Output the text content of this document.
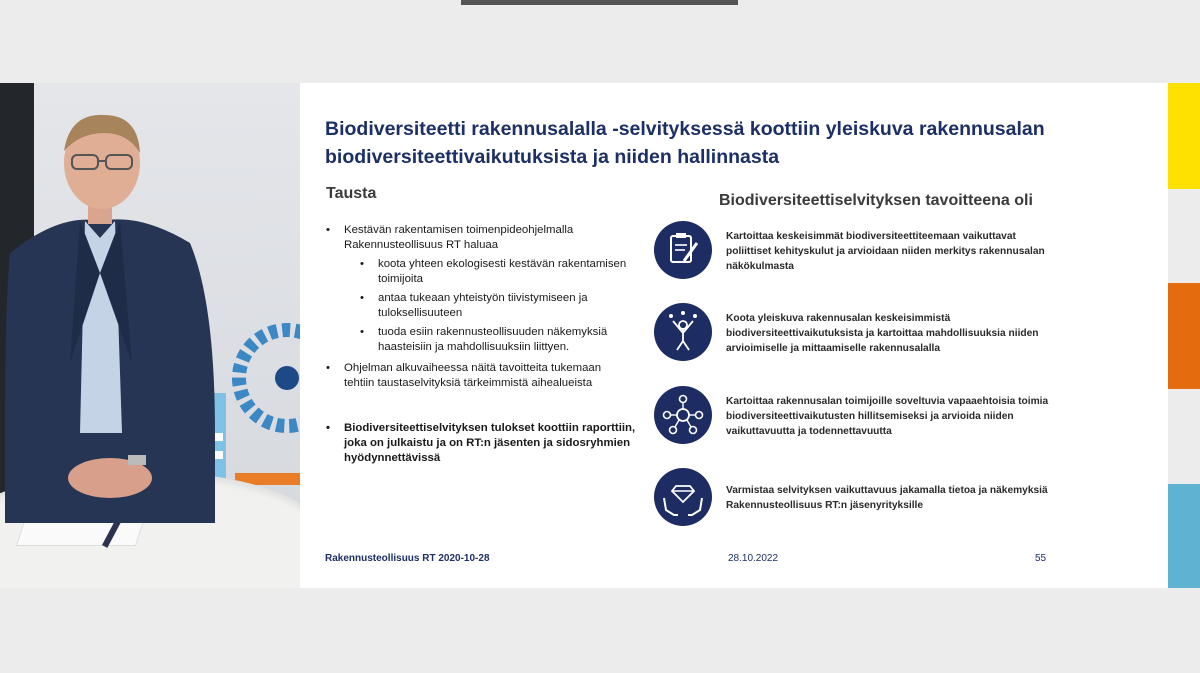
Biodiversiteetti rakennusalalla -selvityksessä koottiin yleiskuva rakennusalan
biodiversiteettivaikutuksista ja niiden hallinnasta
Tausta	Biodiversiteettiselvityksen tavoitteena oli
•	Kestävän rakentamisen toimenpideohjelmalla
Rakennusteollisuus RT haluaa
•	koota yhteen ekologisesti kestävän rakentamisen
toimijoita
•	antaa tukeaan yhteistyön tiivistymiseen ja
tuloksellisuuteen
•	tuoda esiin rakennusteollisuuden näkemyksiä
haasteisiin ja mahdollisuuksiin liittyen.
•	Ohjelman alkuvaiheessa näitä tavoitteita tukemaan
tehtiin taustaselvityksiä tärkeimmistä aihealueista
•	Biodiversiteettiselvityksen tulokset koottiin raporttiin,
joka on julkaistu ja on RT:n jäsenten ja sidosryhmien
hyödynnettävissä
Kartoittaa keskeisimmät biodiversiteettiteemaan vaikuttavat
poliittiset kehityskulut ja arvioidaan niiden merkitys rakennusalan
näkökulmasta
Koota yleiskuva rakennusalan keskeisimmistä
biodiversiteettivaikutuksista ja kartoittaa mahdollisuuksia niiden
arvioimiselle ja mittaamiselle rakennusalalla
Kartoittaa rakennusalan toimijoille soveltuvia vapaaehtoisia toimia
biodiversiteettivaikutusten hillitsemiseksi ja arvioida niiden
vaikuttavuutta ja todennettavuutta
Varmistaa selvityksen vaikuttavuus jakamalla tietoa ja näkemyksiä
Rakennusteollisuus RT:n jäsenyrityksille
Rakennusteollisuus RT 2020-10-28	28.10.2022	55
